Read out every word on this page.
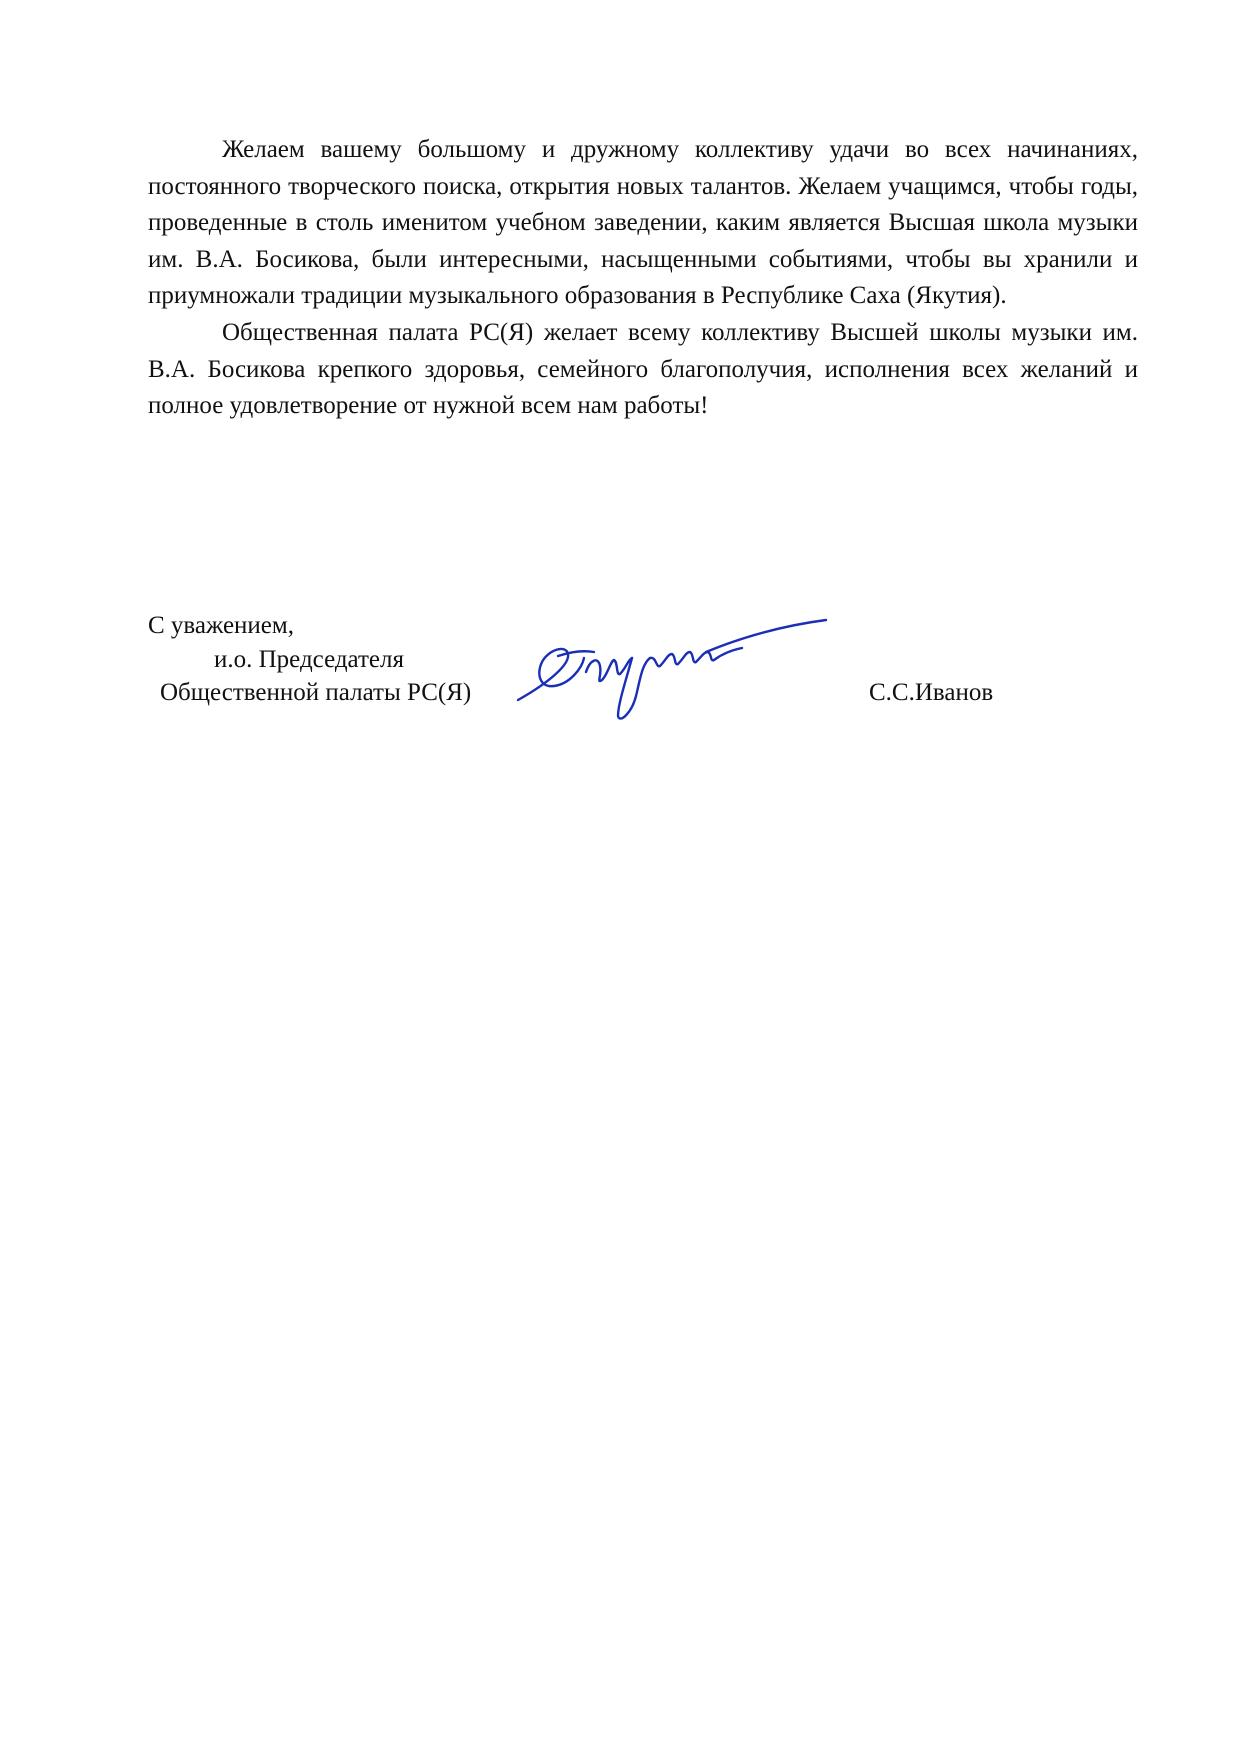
Желаем вашему большому и дружному коллективу удачи во всех начинаниях, постоянного творческого поиска, открытия новых талантов. Желаем учащимся, чтобы годы, проведенные в столь именитом учебном заведении, каким является Высшая школа музыки им. В.А. Босикова, были интересными, насыщенными событиями, чтобы вы хранили и приумножали традиции музыкального образования в Республике Саха (Якутия).

Общественная палата РС(Я) желает всему коллективу Высшей школы музыки им. В.А. Босикова крепкого здоровья, семейного благополучия, исполнения всех желаний и полное удовлетворение от нужной всем нам работы!

С уважением,
и.о. Председателя
Общественной палаты РС(Я)	С.С.Иванов
